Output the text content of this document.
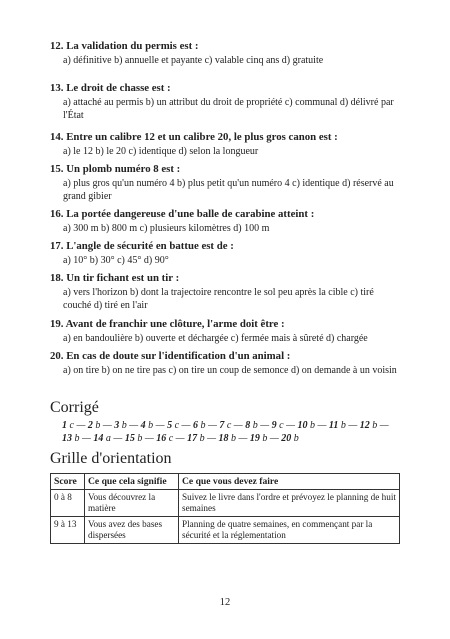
12. La validation du permis est :

a) définitive b) annuelle et payante c) valable cinq ans d) gratuite

13. Le droit de chasse est :

a) attaché au permis b) un attribut du droit de propriété c) communal d) délivré par l'État

14. Entre un calibre 12 et un calibre 20, le plus gros canon est :

a) le 12 b) le 20 c) identique d) selon la longueur

15. Un plomb numéro 8 est :

a) plus gros qu'un numéro 4 b) plus petit qu'un numéro 4 c) identique d) réservé au grand gibier

16. La portée dangereuse d'une balle de carabine atteint :

a) 300 m b) 800 m c) plusieurs kilomètres d) 100 m

17. L'angle de sécurité en battue est de :

a) 10° b) 30° c) 45° d) 90°

18. Un tir fichant est un tir :

a) vers l'horizon b) dont la trajectoire rencontre le sol peu après la cible c) tiré couché d) tiré en l'air

19. Avant de franchir une clôture, l'arme doit être :

a) en bandoulière b) ouverte et déchargée c) fermée mais à sûreté d) chargée

20. En cas de doute sur l'identification d'un animal :

a) on tire b) on ne tire pas c) on tire un coup de semonce d) on demande à un voisin

Corrigé
1 c — 2 b — 3 b — 4 b — 5 c — 6 b — 7 c — 8 b — 9 c — 10 b — 11 b — 12 b — 13 b — 14 a — 15 b — 16 c — 17 b — 18 b — 19 b — 20 b
Grille d'orientation
Score	Ce que cela signifie	Ce que vous devez faire
0 à 8	Vous découvrez la matière	Suivez le livre dans l'ordre et prévoyez le planning de huit semaines
9 à 13	Vous avez des bases dispersées	Planning de quatre semaines, en commençant par la sécurité et la réglementation
12
